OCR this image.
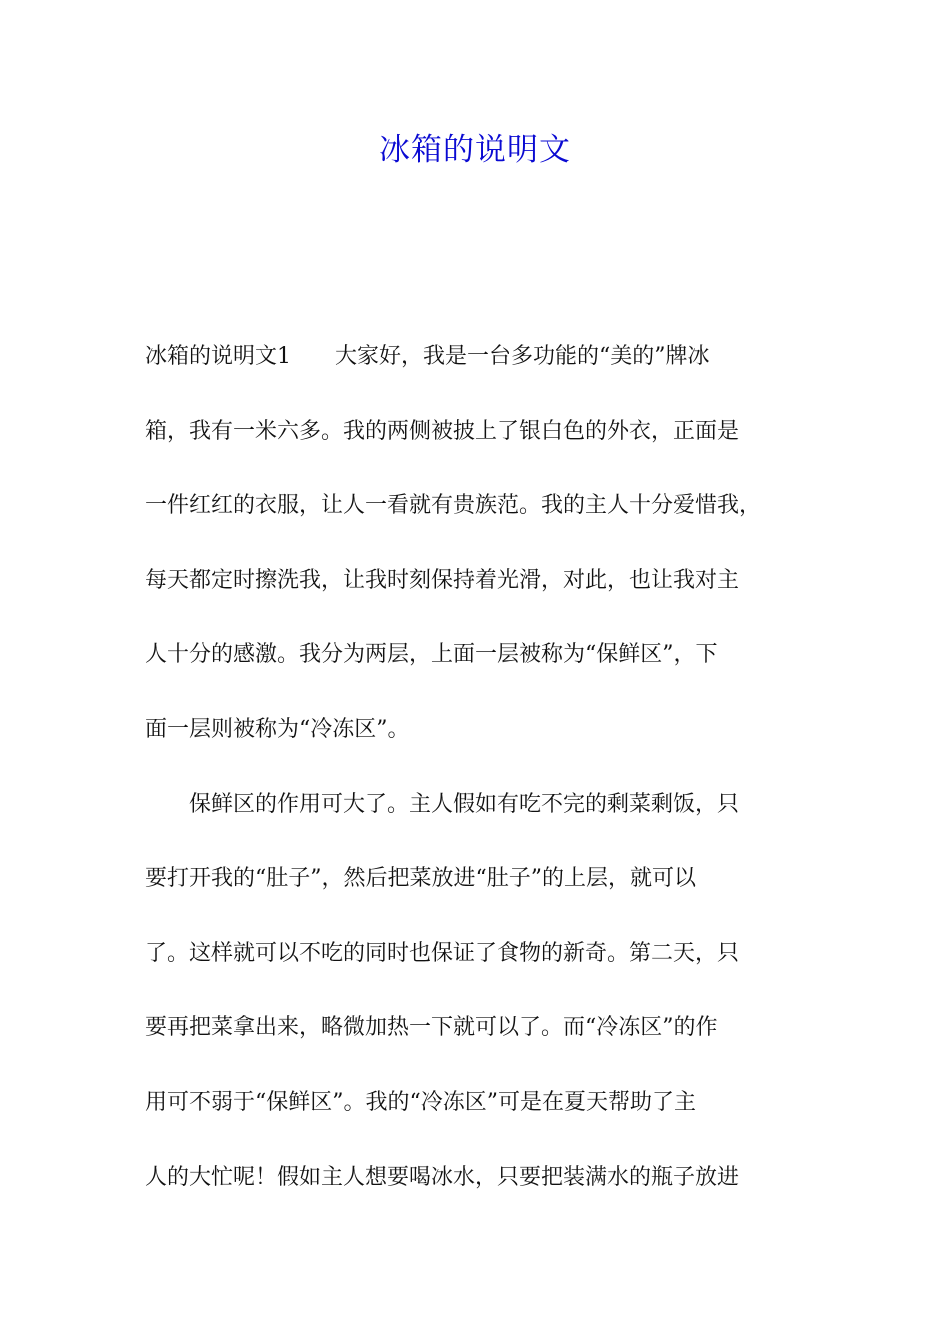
冰箱的说明文
冰箱的说明文1　　大家好，我是一台多功能的“美的”牌冰
箱，我有一米六多。我的两侧被披上了银白色的外衣，正面是
一件红红的衣服，让人一看就有贵族范。我的主人十分爱惜我，
每天都定时擦洗我，让我时刻保持着光滑，对此，也让我对主
人十分的感激。我分为两层，上面一层被称为“保鲜区”，下
面一层则被称为“冷冻区”。
　　保鲜区的作用可大了。主人假如有吃不完的剩菜剩饭，只
要打开我的“肚子”，然后把菜放进“肚子”的上层，就可以
了。这样就可以不吃的同时也保证了食物的新奇。第二天，只
要再把菜拿出来，略微加热一下就可以了。而“冷冻区”的作
用可不弱于“保鲜区”。我的“冷冻区”可是在夏天帮助了主
人的大忙呢！假如主人想要喝冰水，只要把装满水的瓶子放进
